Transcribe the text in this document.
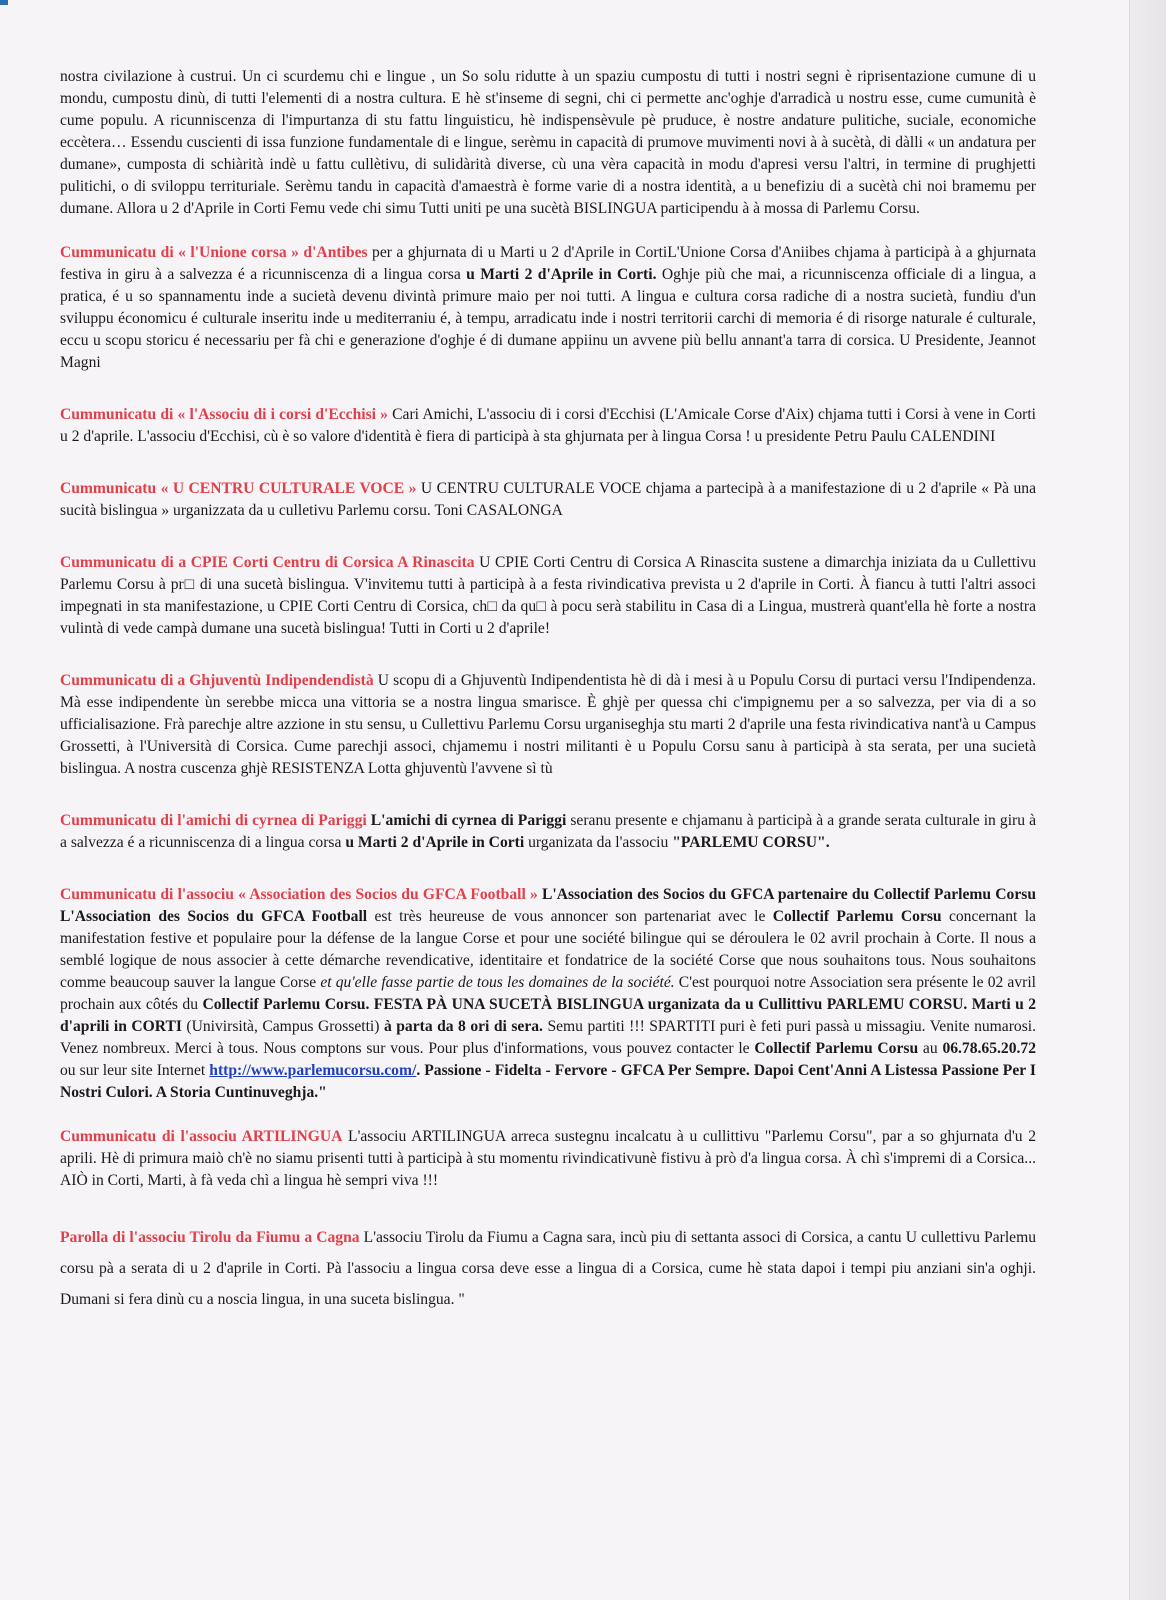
nostra civilazione à custrui. Un ci scurdemu chi e lingue , un So solu ridutte à un spaziu cumpostu di tutti i nostri segni è riprisentazione cumune di u mondu, cumpostu dinù, di tutti l'elementi di a nostra cultura. E hè st'inseme di segni, chi ci permette anc'oghje d'arradicà u nostru esse, cume cumunità è cume populu. A ricunniscenza di l'impurtanza di stu fattu linguisticu, hè indispensèvule pè pruduce, è nostre andature pulitiche, suciale, economiche eccètera… Essendu cuscienti di issa funzione fundamentale di e lingue, serèmu in capacità di prumove muvimenti novi à à sucètà, di dàlli « un andatura per dumane», cumposta di schiàrità indè u fattu cullètivu, di sulidàrità diverse, cù una vèra capacità in modu d'apresi versu l'altri, in termine di prughjetti pulitichi, o di sviloppu territuriale. Serèmu tandu in capacità d'amaestrà è forme varie di a nostra identità, a u benefiziu di a sucètà chi noi bramemu per dumane. Allora u 2 d'Aprile in Corti Femu vede chi simu Tutti uniti pe una sucètà BISLINGUA participendu à à mossa di Parlemu Corsu.

Cummunicatu di « l'Unione corsa » d'Antibes per a ghjurnata di u Marti u 2 d'Aprile in CortiL'Unione Corsa d'Aniibes chjama à participà à a ghjurnata festiva in giru à a salvezza é a ricunniscenza di a lingua corsa u Marti 2 d'Aprile in Corti. Oghje più che mai, a ricunniscenza officiale di a lingua, a pratica, é u so spannamentu inde a sucietà devenu divintà primure maio per noi tutti. A lingua e cultura corsa radiche di a nostra sucietà, fundiu d'un sviluppu économicu é culturale inseritu inde u mediterraniu é, à tempu, arradicatu inde i nostri territorii carchi di memoria é di risorge naturale é culturale, eccu u scopu storicu é necessariu per fà chi e generazione d'oghje é di dumane appiinu un avvene più bellu annant'a tarra di corsica. U Presidente, Jeannot Magni

Cummunicatu di « l'Associu di i corsi d'Ecchisi » Cari Amichi, L'associu di i corsi d'Ecchisi (L'Amicale Corse d'Aix) chjama tutti i Corsi à vene in Corti u 2 d'aprile. L'associu d'Ecchisi, cù è so valore d'identità è fiera di participà à sta ghjurnata per à lingua Corsa ! u presidente Petru Paulu CALENDINI

Cummunicatu « U CENTRU CULTURALE VOCE » U CENTRU CULTURALE VOCE chjama a partecipà à a manifestazione di u 2 d'aprile « Pà una sucità bislingua » urganizzata da u culletivu Parlemu corsu. Toni CASALONGA

Cummunicatu di a CPIE Corti Centru di Corsica A Rinascita U CPIE Corti Centru di Corsica A Rinascita sustene a dimarchja iniziata da u Cullettivu Parlemu Corsu à pr□ di una sucetà bislingua. V'invitemu tutti à participà à a festa rivindicativa prevista u 2 d'aprile in Corti. À fiancu à tutti l'altri associ impegnati in sta manifestazione, u CPIE Corti Centru di Corsica, ch□ da qu□ à pocu serà stabilitu in Casa di a Lingua, mustrerà quant'ella hè forte a nostra vulintà di vede campà dumane una sucetà bislingua! Tutti in Corti u 2 d'aprile!

Cummunicatu di a Ghjuventù Indipendendistà U scopu di a Ghjuventù Indipendentista hè di dà i mesi à u Populu Corsu di purtaci versu l'Indipendenza. Mà esse indipendente ùn serebbe micca una vittoria se a nostra lingua smarisce. È ghjè per quessa chi c'impignemu per a so salvezza, per via di a so ufficialisazione. Frà parechje altre azzione in stu sensu, u Cullettivu Parlemu Corsu urganiseghja stu marti 2 d'aprile una festa rivindicativa nant'à u Campus Grossetti, à l'Università di Corsica. Cume parechji associ, chjamemu i nostri militanti è u Populu Corsu sanu à participà à sta serata, per una sucietà bislingua. A nostra cuscenza ghjè RESISTENZA Lotta ghjuventù l'avvene sì tù

Cummunicatu di l'amichi di cyrnea di Pariggi L'amichi di cyrnea di Pariggi seranu presente e chjamanu à participà à a grande serata culturale in giru à a salvezza é a ricunniscenza di a lingua corsa u Marti 2 d'Aprile in Corti urganizata da l'associu "PARLEMU CORSU".

Cummunicatu di l'associu « Association des Socios du GFCA Football » L'Association des Socios du GFCA partenaire du Collectif Parlemu Corsu L'Association des Socios du GFCA Football est très heureuse de vous annoncer son partenariat avec le Collectif Parlemu Corsu concernant la manifestation festive et populaire pour la défense de la langue Corse et pour une société bilingue qui se déroulera le 02 avril prochain à Corte. Il nous a semblé logique de nous associer à cette démarche revendicative, identitaire et fondatrice de la société Corse que nous souhaitons tous. Nous souhaitons comme beaucoup sauver la langue Corse et qu'elle fasse partie de tous les domaines de la société. C'est pourquoi notre Association sera présente le 02 avril prochain aux côtés du Collectif Parlemu Corsu. FESTA PÀ UNA SUCETÀ BISLINGUA urganizata da u Cullittivu PARLEMU CORSU. Marti u 2 d'aprili in CORTI (Univirsità, Campus Grossetti) à parta da 8 ori di sera. Semu partiti !!! SPARTITI puri è feti puri passà u missagiu. Venite numarosi. Venez nombreux. Merci à tous. Nous comptons sur vous. Pour plus d'informations, vous pouvez contacter le Collectif Parlemu Corsu au 06.78.65.20.72 ou sur leur site Internet http://www.parlemucorsu.com/. Passione - Fidelta - Fervore - GFCA Per Sempre. Dapoi Cent'Anni A Listessa Passione Per I Nostri Culori. A Storia Cuntinuveghja."

Cummunicatu di l'associu ARTILINGUA L'associu ARTILINGUA arreca sustegnu incalcatu à u cullittivu "Parlemu Corsu", par a so ghjurnata d'u 2 aprili. Hè di primura maiò ch'è no siamu prisenti tutti à participà à stu momentu rivindicativunè fistivu à prò d'a lingua corsa. À chì s'impremi di a Corsica... AIÒ in Corti, Marti, à fà veda chì a lingua hè sempri viva !!!

Parolla di l'associu Tirolu da Fiumu a Cagna L'associu Tirolu da Fiumu a Cagna sara, incù piu di settanta associ di Corsica, a cantu U cullettivu Parlemu corsu pà a serata di u 2 d'aprile in Corti. Pà l'associu a lingua corsa deve esse a lingua di a Corsica, cume hè stata dapoi i tempi piu anziani sin'a oghji. Dumani si fera dinù cu a noscia lingua, in una suceta bislingua. "
